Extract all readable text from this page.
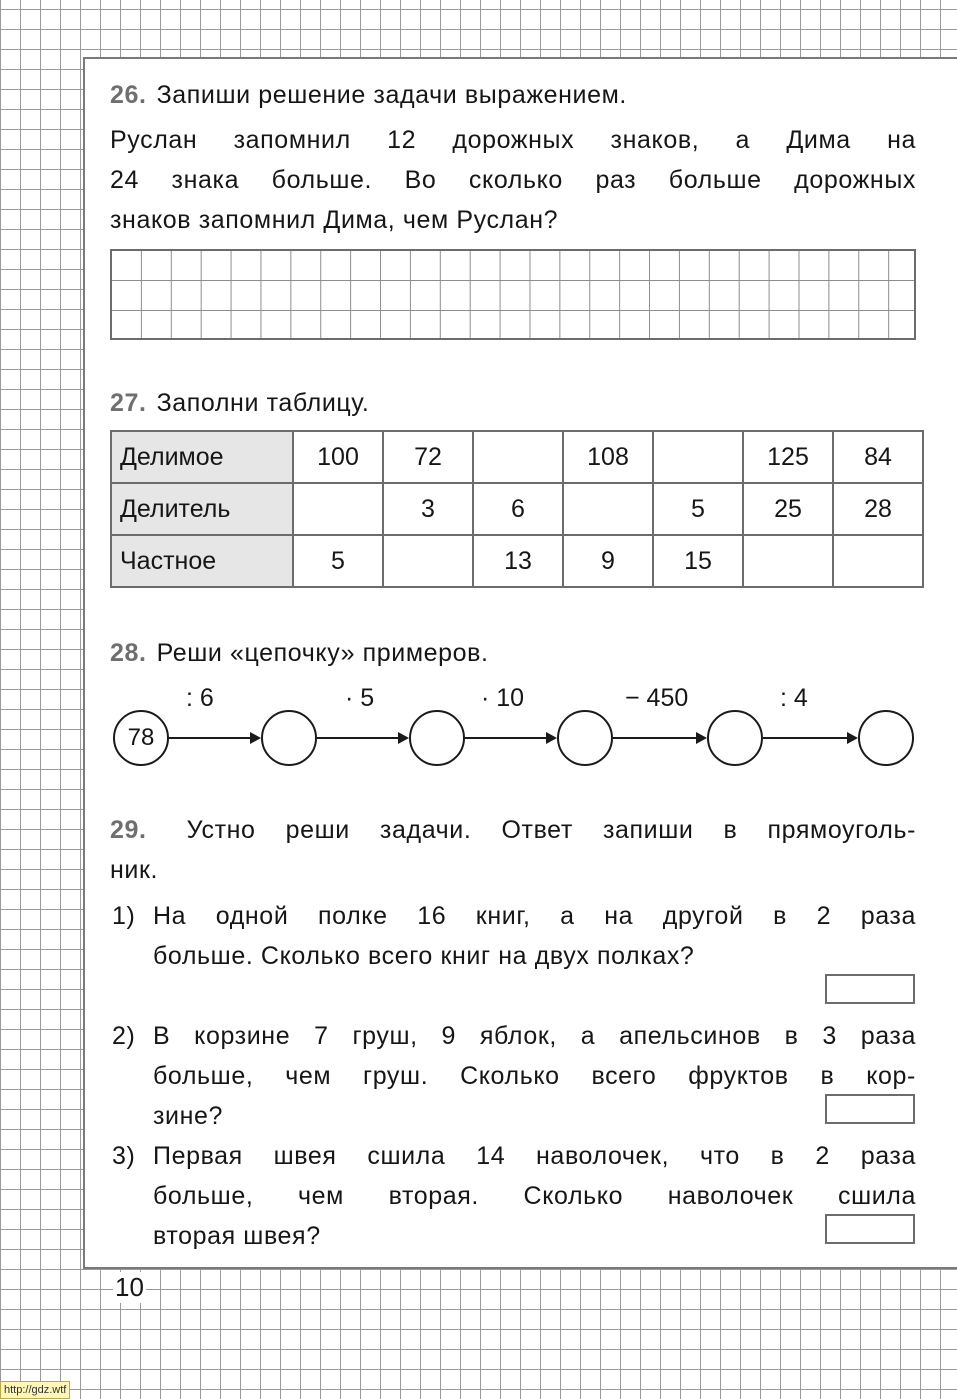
26. Запиши решение задачи выражением.
Руслан запомнил 12 дорожных знаков, а Дима на
24 знака больше. Во сколько раз больше дорожных
знаков запомнил Дима, чем Руслан?
27. Заполни таблицу.
Делимое	100	72		108		125	84
Делитель		3	6		5	25	28
Частное	5		13	9	15		
28. Реши «цепочку» примеров.
78
: 6	· 5	· 10	− 450	: 4
29. Устно реши задачи. Ответ запиши в прямоуголь-
ник.
1) На одной полке 16 книг, а на другой в 2 раза
больше. Сколько всего книг на двух полках?
2) В корзине 7 груш, 9 яблок, а апельсинов в 3 раза
больше, чем груш. Сколько всего фруктов в кор-
зине?
3) Первая швея сшила 14 наволочек, что в 2 раза
больше, чем вторая. Сколько наволочек сшила
вторая швея?
10
http://gdz.wtf
